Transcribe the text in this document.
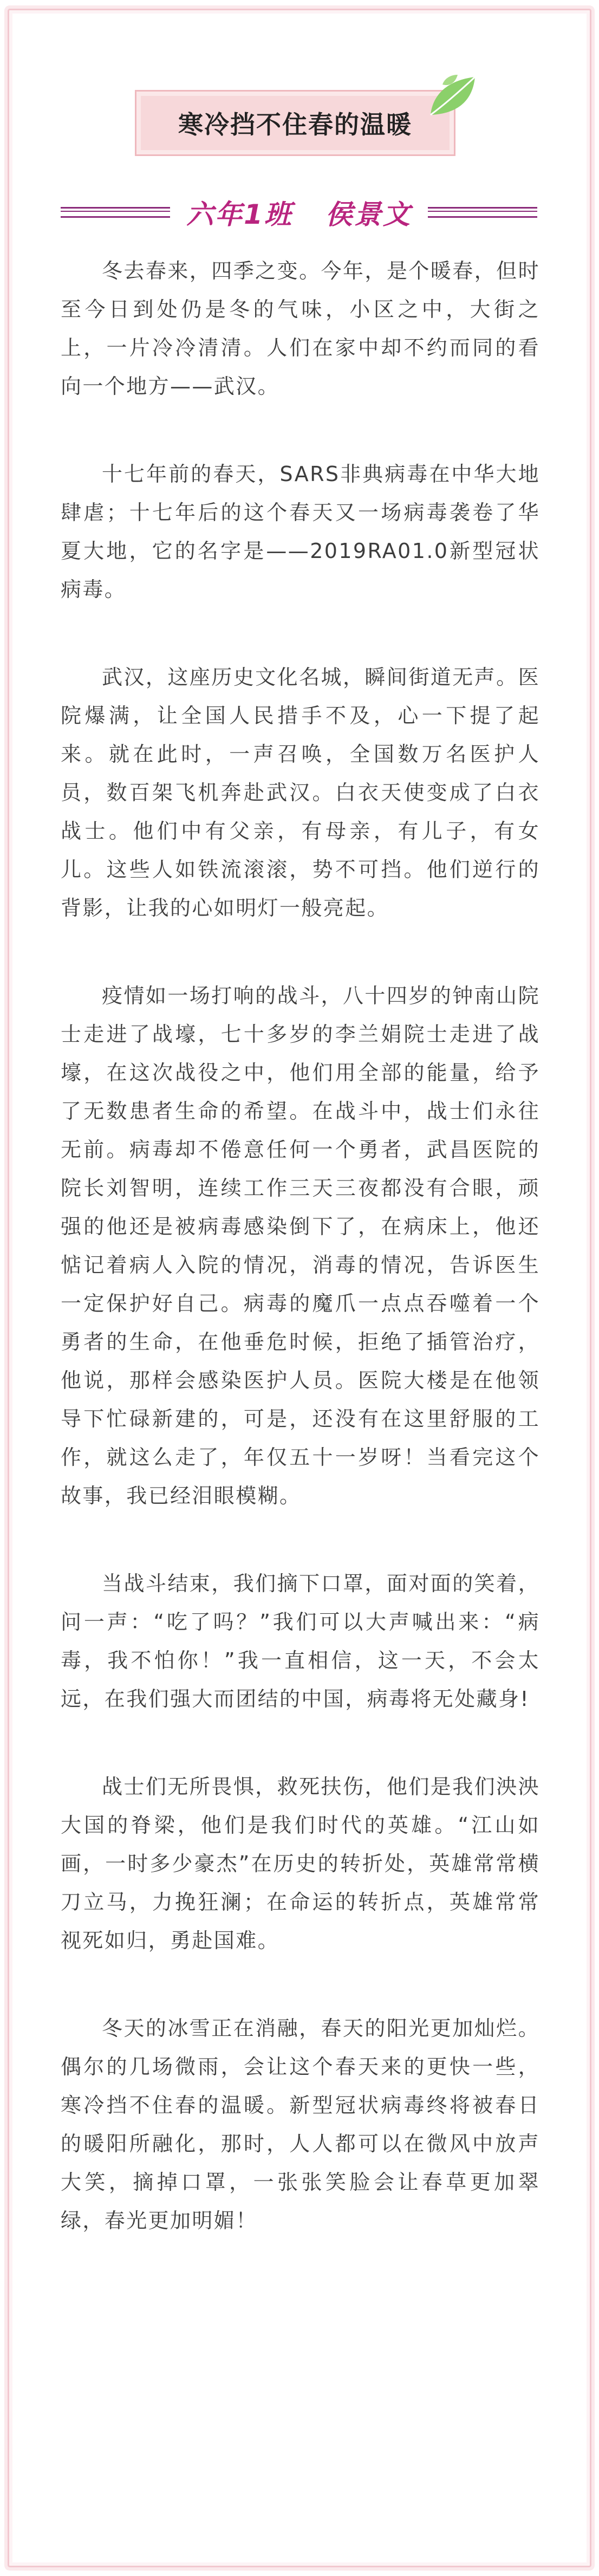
寒冷挡不住春的温暖
六年1班 侯景文

冬去春来，四季之变。今年，是个暖春，但时至今日到处仍是冬的气味，小区之中，大街之上，一片冷冷清清。人们在家中却不约而同的看向一个地方——武汉。

十七年前的春天，SARS非典病毒在中华大地肆虐；十七年后的这个春天又一场病毒袭卷了华夏大地，它的名字是——2019RA01.0新型冠状病毒。

武汉，这座历史文化名城，瞬间街道无声。医院爆满，让全国人民措手不及，心一下提了起来。就在此时，一声召唤，全国数万名医护人员，数百架飞机奔赴武汉。白衣天使变成了白衣战士。他们中有父亲，有母亲，有儿子，有女儿。这些人如铁流滚滚，势不可挡。他们逆行的背影，让我的心如明灯一般亮起。

疫情如一场打响的战斗，八十四岁的钟南山院士走进了战壕，七十多岁的李兰娟院士走进了战壕，在这次战役之中，他们用全部的能量，给予了无数患者生命的希望。在战斗中，战士们永往无前。病毒却不倦意任何一个勇者，武昌医院的院长刘智明，连续工作三天三夜都没有合眼，顽强的他还是被病毒感染倒下了，在病床上，他还惦记着病人入院的情况，消毒的情况，告诉医生一定保护好自己。病毒的魔爪一点点吞噬着一个勇者的生命，在他垂危时候，拒绝了插管治疗，他说，那样会感染医护人员。医院大楼是在他领导下忙碌新建的，可是，还没有在这里舒服的工作，就这么走了，年仅五十一岁呀！当看完这个故事，我已经泪眼模糊。

当战斗结束，我们摘下口罩，面对面的笑着，问一声：“吃了吗？”我们可以大声喊出来：“病毒，我不怕你！”我一直相信，这一天，不会太远，在我们强大而团结的中国，病毒将无处藏身!

战士们无所畏惧，救死扶伤，他们是我们泱泱大国的脊梁，他们是我们时代的英雄。“江山如画，一时多少豪杰”在历史的转折处，英雄常常横刀立马，力挽狂澜；在命运的转折点，英雄常常视死如归，勇赴国难。

冬天的冰雪正在消融，春天的阳光更加灿烂。偶尔的几场微雨，会让这个春天来的更快一些，寒冷挡不住春的温暖。新型冠状病毒终将被春日的暖阳所融化，那时，人人都可以在微风中放声大笑，摘掉口罩，一张张笑脸会让春草更加翠绿，春光更加明媚！
